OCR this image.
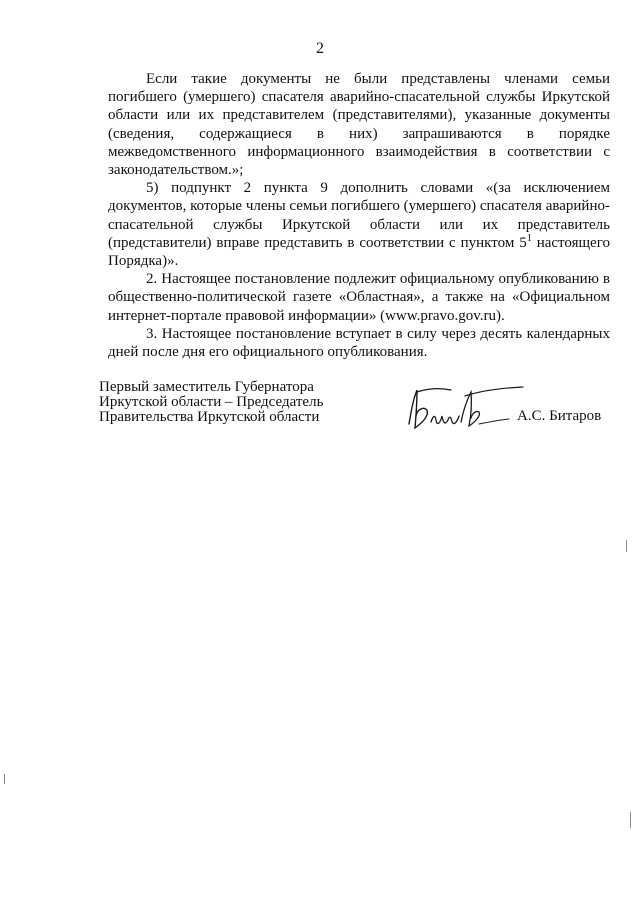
2

Если такие документы не были представлены членами семьи погибшего (умершего) спасателя аварийно-спасательной службы Иркутской области или их представителем (представителями), указанные документы (сведения, содержащиеся в них) запрашиваются в порядке межведомственного информационного взаимодействия в соответствии с законодательством.»;

5) подпункт 2 пункта 9 дополнить словами «(за исключением документов, которые члены семьи погибшего (умершего) спасателя аварийно-спасательной службы Иркутской области или их представитель (представители) вправе представить в соответствии с пунктом $5^1$ настоящего Порядка)».

2. Настоящее постановление подлежит официальному опубликованию в общественно-политической газете «Областная», а также на «Официальном интернет-портале правовой информации» (www.pravo.gov.ru).

3. Настоящее постановление вступает в силу через десять календарных дней после дня его официального опубликования.

Первый заместитель Губернатора
Иркутской области – Председатель
Правительства Иркутской области	А.С. Битаров
